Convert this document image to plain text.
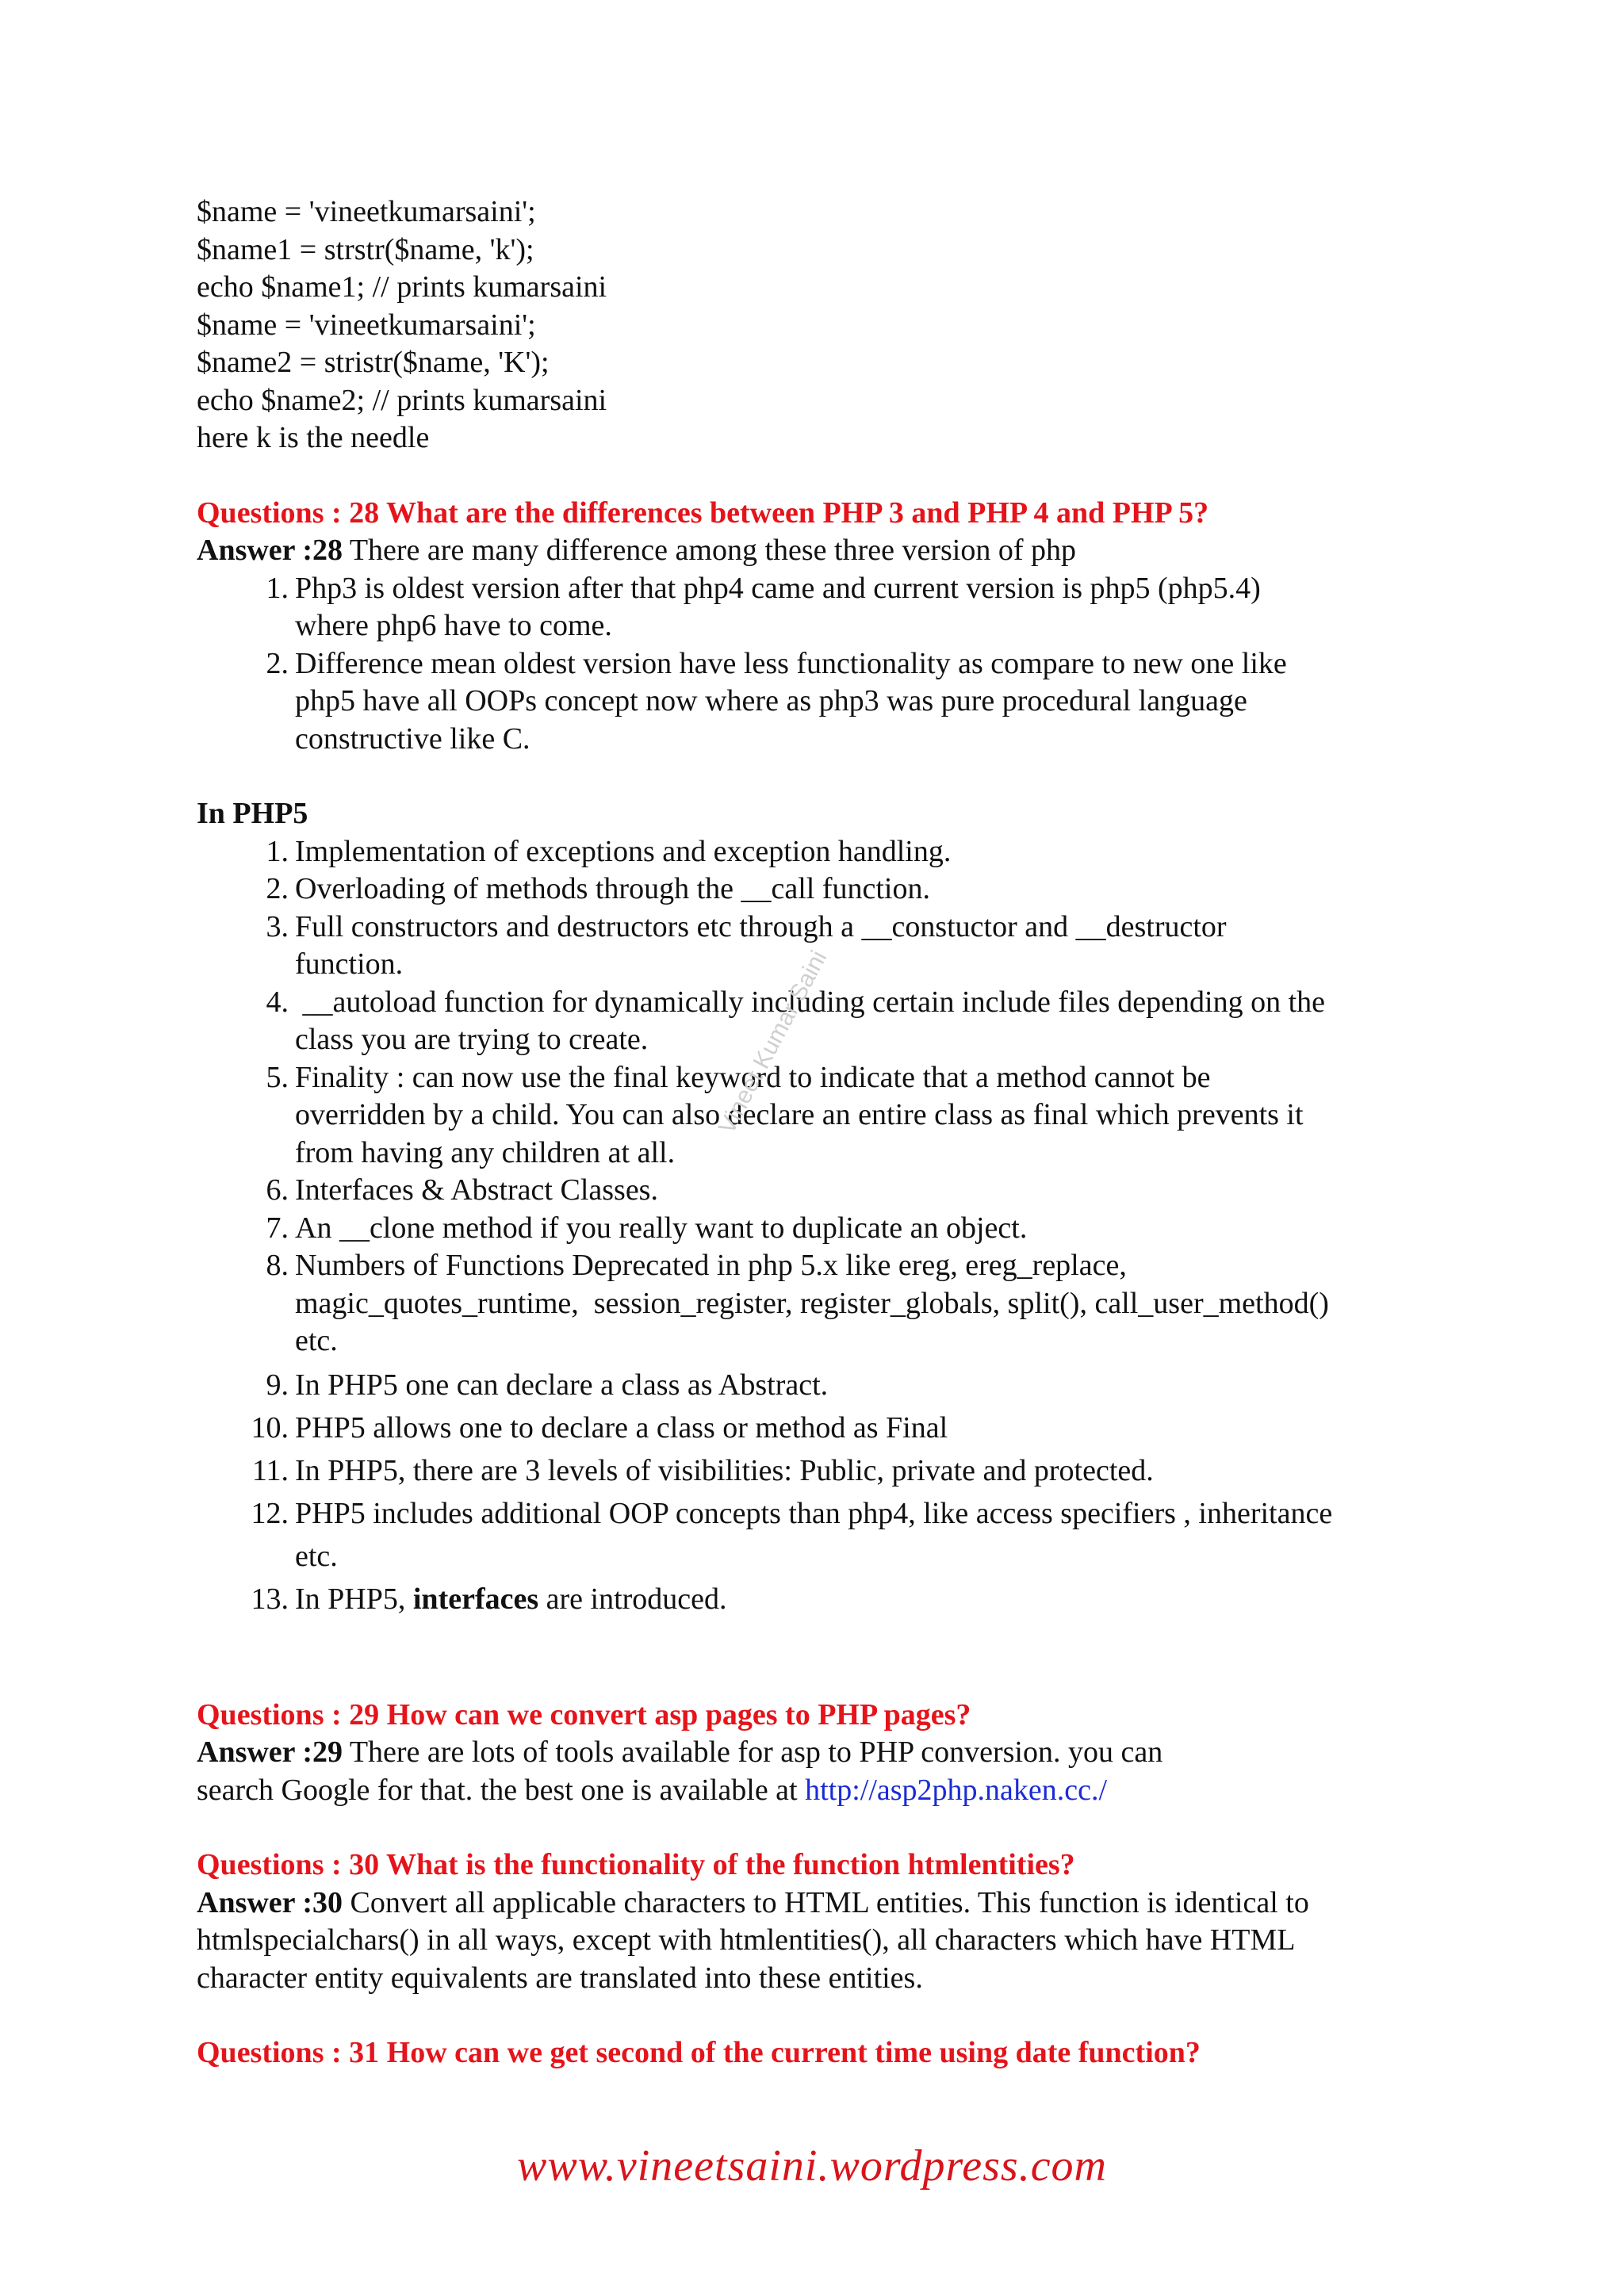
$name = 'vineetkumarsaini';
$name1 = strstr($name, 'k');
echo $name1; // prints kumarsaini
$name = 'vineetkumarsaini';
$name2 = stristr($name, 'K');
echo $name2; // prints kumarsaini
here k is the needle
Questions : 28 What are the differences between PHP 3 and PHP 4 and PHP 5?
Answer :28 There are many difference among these three version of php
1. Php3 is oldest version after that php4 came and current version is php5 (php5.4)
where php6 have to come.
2. Difference mean oldest version have less functionality as compare to new one like
php5 have all OOPs concept now where as php3 was pure procedural language
constructive like C.
In PHP5
1. Implementation of exceptions and exception handling.
2. Overloading of methods through the __call function.
3. Full constructors and destructors etc through a __constuctor and __destructor
function.
4. __autoload function for dynamically including certain include files depending on the
class you are trying to create.
5. Finality : can now use the final keyword to indicate that a method cannot be
overridden by a child. You can also declare an entire class as final which prevents it
from having any children at all.
6. Interfaces & Abstract Classes.
7. An __clone method if you really want to duplicate an object.
8. Numbers of Functions Deprecated in php 5.x like ereg, ereg_replace,
magic_quotes_runtime,  session_register, register_globals, split(), call_user_method()
etc.
9. In PHP5 one can declare a class as Abstract.
10. PHP5 allows one to declare a class or method as Final
11. In PHP5, there are 3 levels of visibilities: Public, private and protected.
12. PHP5 includes additional OOP concepts than php4, like access specifiers , inheritance
etc.
13. In PHP5, interfaces are introduced.
Questions : 29 How can we convert asp pages to PHP pages?
Answer :29 There are lots of tools available for asp to PHP conversion. you can
search Google for that. the best one is available at http://asp2php.naken.cc./
Questions : 30 What is the functionality of the function htmlentities?
Answer :30 Convert all applicable characters to HTML entities. This function is identical to
htmlspecialchars() in all ways, except with htmlentities(), all characters which have HTML
character entity equivalents are translated into these entities.
Questions : 31 How can we get second of the current time using date function?
Vineet Kumar Saini
www.vineetsaini.wordpress.com
